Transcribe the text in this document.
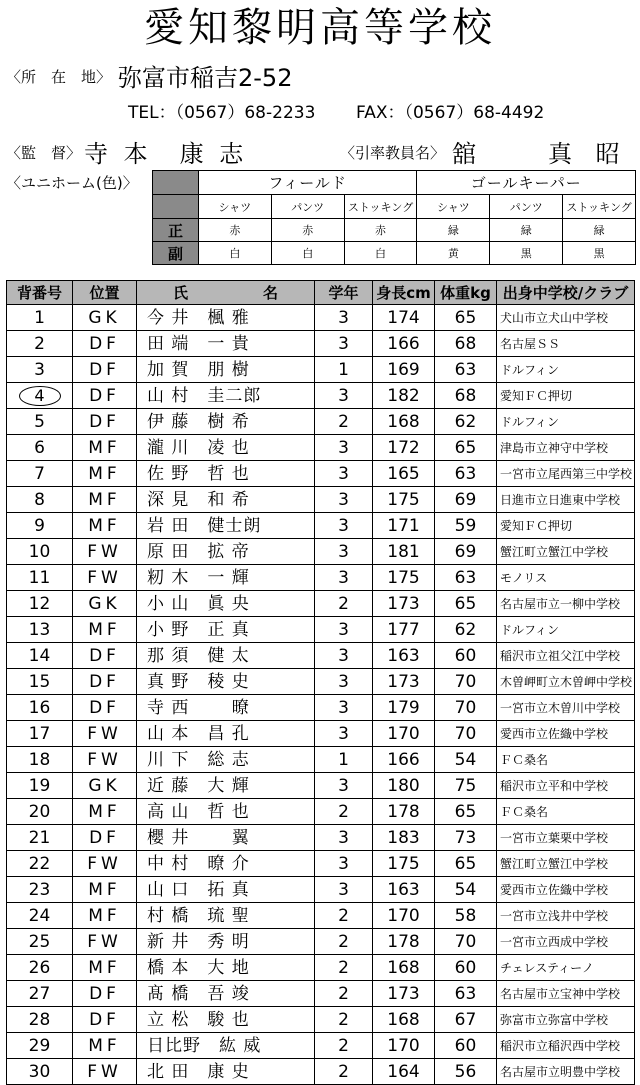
愛知黎明高等学校
〈所　在　地〉 弥富市稲吉2-52
TEL：（0567）68-2233 FAX：（0567）68-4492
〈監　督〉 寺 本　康 志	〈引率教員名〉 舘　　真 昭
〈ユニホーム(色)〉
		フィールド			ゴールキーパー		
	シャツ	パンツ	ストッキング	シャツ	パンツ	ストッキング
正	赤	赤	赤	緑	緑	緑
副	白	白	白	黄	黒	黒
背番号	位置	氏　　　　　名	学年	身長cm	体重kg	出身中学校/クラブ
1	GK	今 井　楓 雅	3	174	65	犬山市立犬山中学校
2	DF	田 端　一 貴	3	166	68	名古屋ＳＳ
3	DF	加 賀　朋 樹	1	169	63	ドルフィン
4	DF	山 村　圭二郎	3	182	68	愛知ＦＣ押切
5	DF	伊 藤　樹 希	2	168	62	ドルフィン
6	MF	瀧 川　凌 也	3	172	65	津島市立神守中学校
7	MF	佐 野　哲 也	3	165	63	一宮市立尾西第三中学校
8	MF	深 見　和 希	3	175	69	日進市立日進東中学校
9	MF	岩 田　健士朗	3	171	59	愛知ＦＣ押切
10	FW	原 田　拡 帝	3	181	69	蟹江町立蟹江中学校
11	FW	籾 木　一 輝	3	175	63	モノリス
12	GK	小 山　眞 央	2	173	65	名古屋市立一柳中学校
13	MF	小 野　正 真	3	177	62	ドルフィン
14	DF	那 須　健 太	3	163	60	稲沢市立祖父江中学校
15	DF	真 野　稜 史	3	173	70	木曽岬町立木曽岬中学校
16	DF	寺 西　　 暸	3	179	70	一宮市立木曽川中学校
17	FW	山 本　昌 孔	3	170	70	愛西市立佐織中学校
18	FW	川 下　総 志	1	166	54	ＦＣ桑名
19	GK	近 藤　大 輝	3	180	75	稲沢市立平和中学校
20	MF	高 山　哲 也	2	178	65	ＦＣ桑名
21	DF	櫻 井　　 翼	3	183	73	一宮市立葉栗中学校
22	FW	中 村　暸 介	3	175	65	蟹江町立蟹江中学校
23	MF	山 口　拓 真	3	163	54	愛西市立佐織中学校
24	MF	村 橋　琉 聖	2	170	58	一宮市立浅井中学校
25	FW	新 井　秀 明	2	178	70	一宮市立西成中学校
26	MF	橋 本　大 地	2	168	60	チェレスティーノ
27	DF	髙 橋　吾 竣	2	173	63	名古屋市立宝神中学校
28	DF	立 松　駿 也	2	168	67	弥富市立弥富中学校
29	MF	日比野　紘 威	2	170	60	稲沢市立稲沢西中学校
30	FW	北 田　康 史	2	164	56	名古屋市立明豊中学校
